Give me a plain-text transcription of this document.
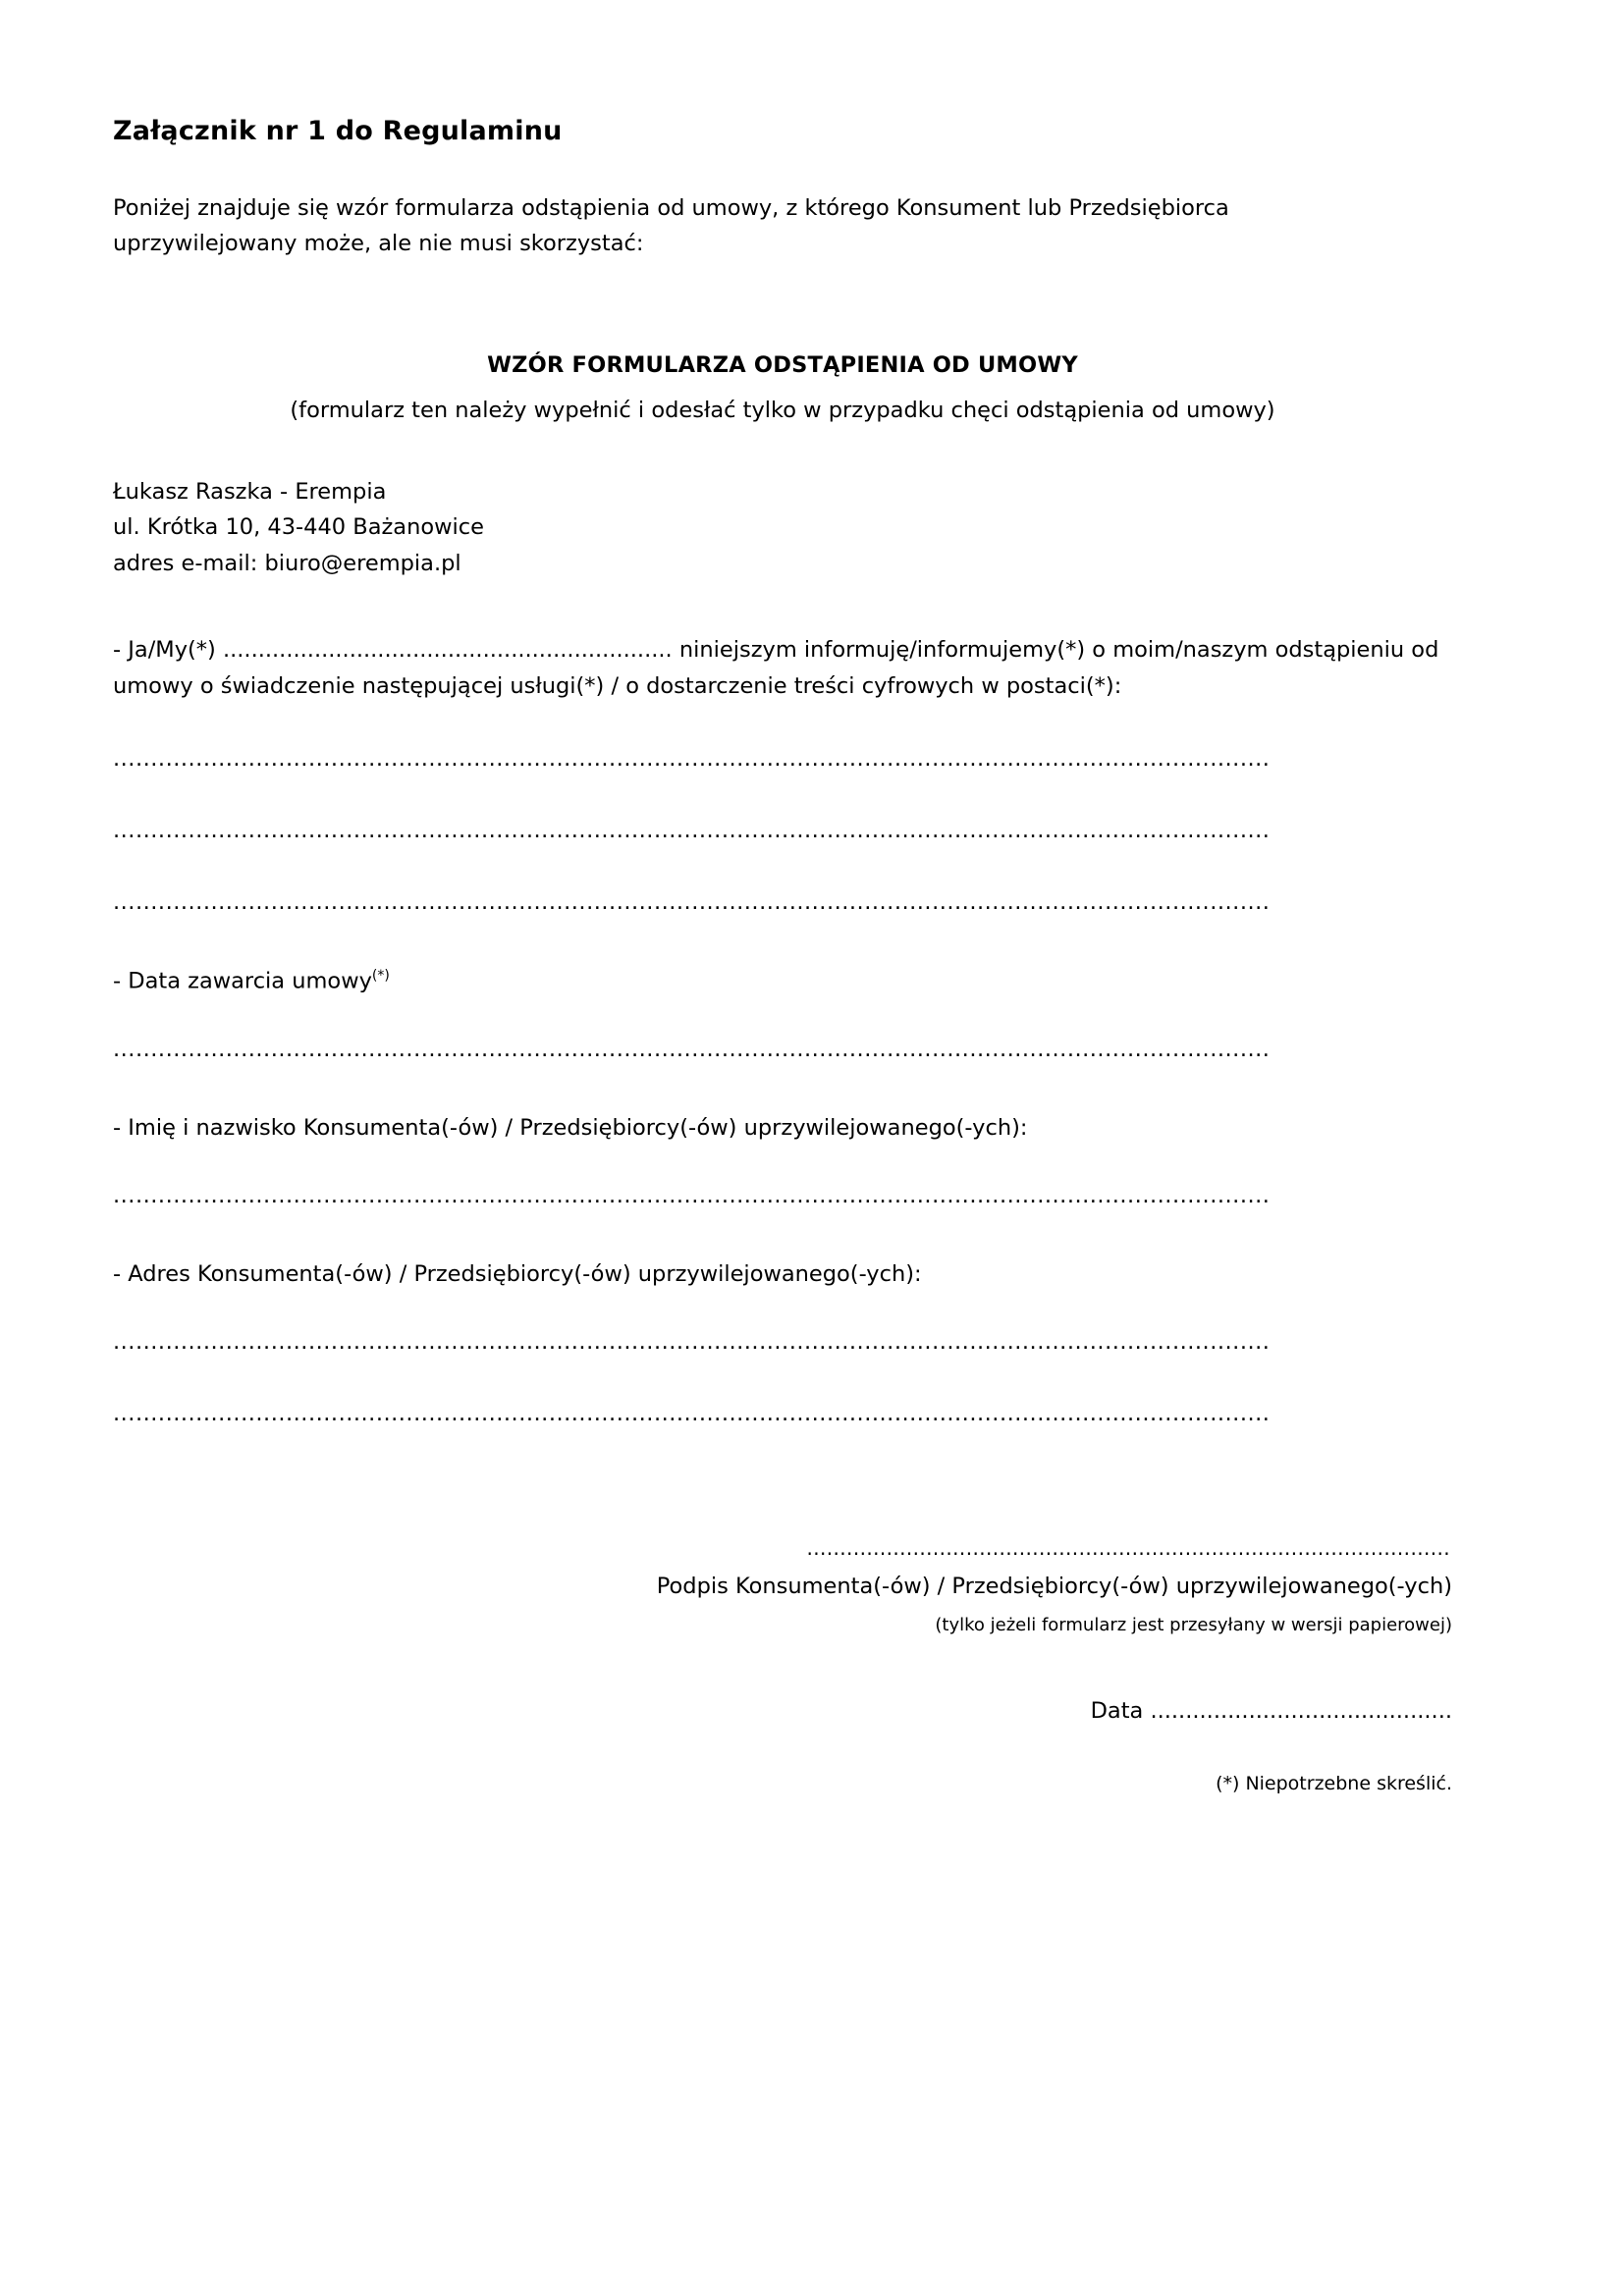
Załącznik nr 1 do Regulaminu

Poniżej znajduje się wzór formularza odstąpienia od umowy, z którego Konsument lub Przedsiębiorca uprzywilejowany może, ale nie musi skorzystać:

WZÓR FORMULARZA ODSTĄPIENIA OD UMOWY
(formularz ten należy wypełnić i odesłać tylko w przypadku chęci odstąpienia od umowy)
Łukasz Raszka - Erempia
ul. Krótka 10, 43-440 Bażanowice
adres e-mail: biuro@erempia.pl

- Ja/My(*) ................................................................ niniejszym informuję/informujemy(*) o moim/naszym odstąpieniu od umowy o świadczenie następującej usługi(*) / o dostarczenie treści cyfrowych w postaci(*):

..........................................................................................................................................................
..........................................................................................................................................................
..........................................................................................................................................................
- Data zawarcia umowy(*)
..........................................................................................................................................................
- Imię i nazwisko Konsumenta(-ów) / Przedsiębiorcy(-ów) uprzywilejowanego(-ych):
..........................................................................................................................................................
- Adres Konsumenta(-ów) / Przedsiębiorcy(-ów) uprzywilejowanego(-ych):
..........................................................................................................................................................
..........................................................................................................................................................
.................................................................................................
Podpis Konsumenta(-ów) / Przedsiębiorcy(-ów) uprzywilejowanego(-ych)
(tylko jeżeli formularz jest przesyłany w wersji papierowej)
Data ...........................................
(*) Niepotrzebne skreślić.
